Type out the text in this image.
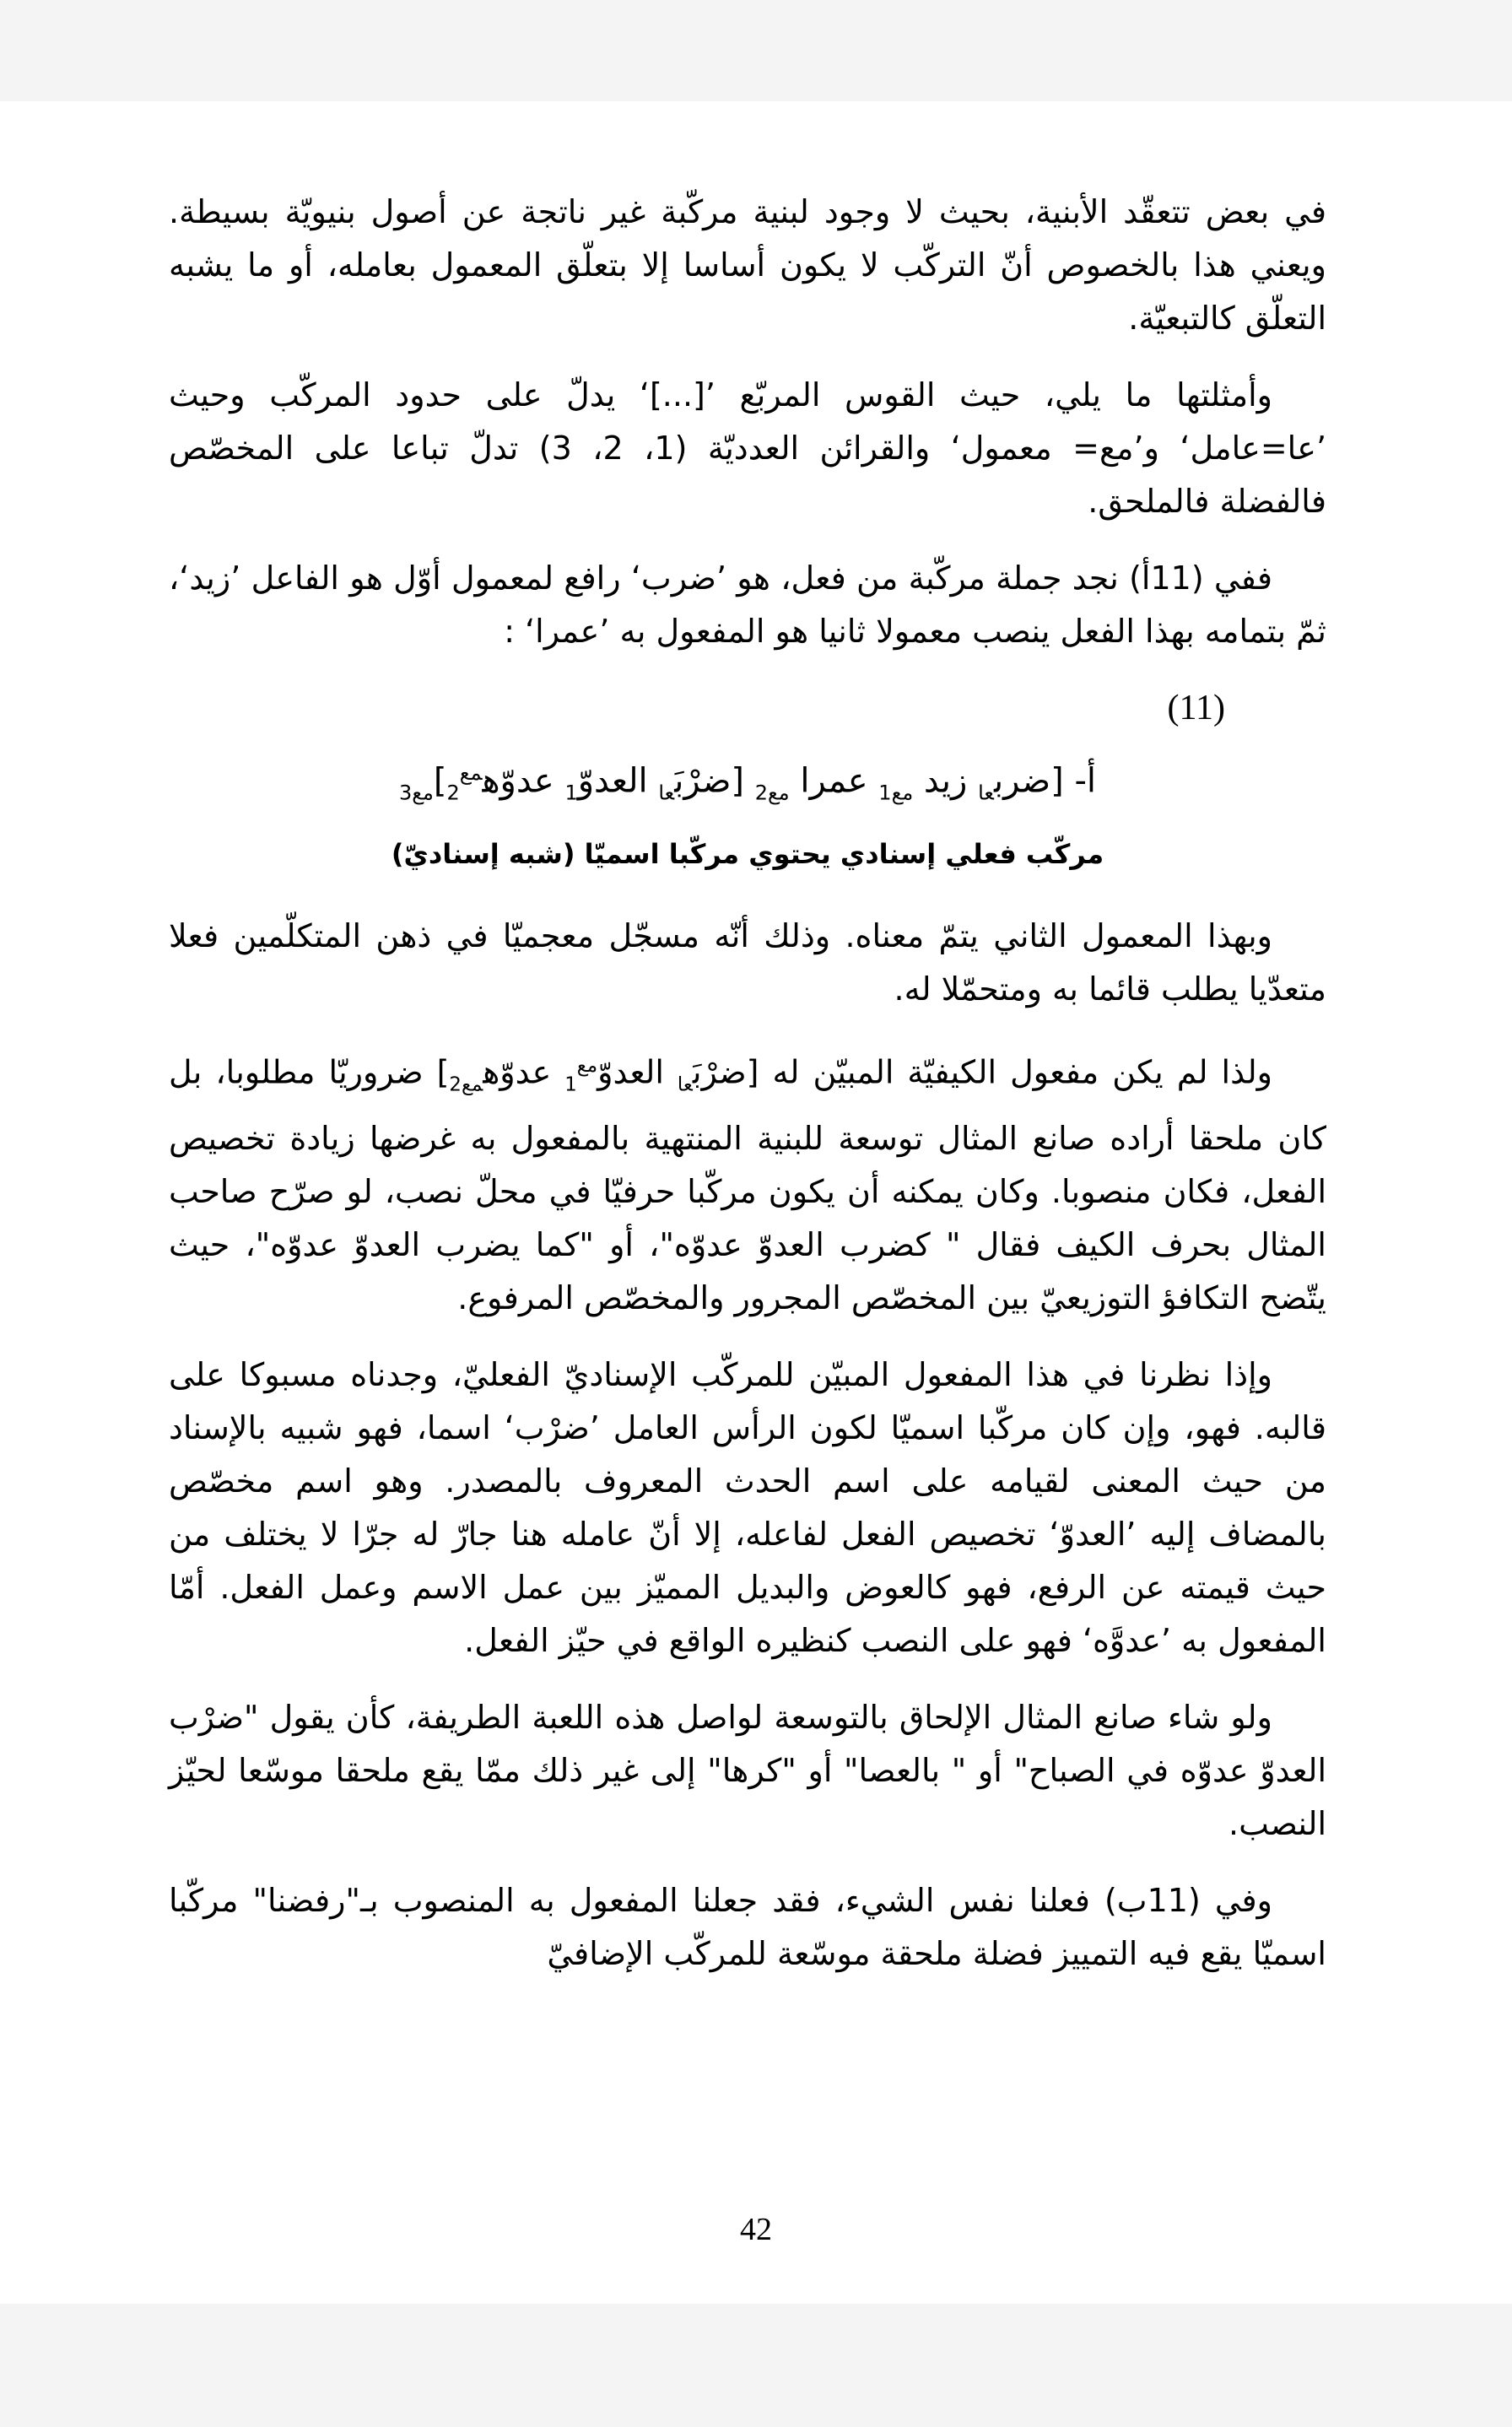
في بعض تتعقّد الأبنية، بحيث لا وجود لبنية مركّبة غير ناتجة عن أصول بنيويّة بسيطة. ويعني هذا بالخصوص أنّ التركّب لا يكون أساسا إلا بتعلّق المعمول بعامله، أو ما يشبه التعلّق كالتبعيّة.

وأمثلتها ما يلي، حيث القوس المربّع ’[...]‘ يدلّ على حدود المركّب وحيث ’عا=عامل‘ و’مع= معمول‘ والقرائن العدديّة (1، 2، 3) تدلّ تباعا على المخصّص فالفضلة فالملحق.

ففي (11أ) نجد جملة مركّبة من فعل، هو ’ضرب‘ رافع لمعمول أوّل هو الفاعل ’زيد‘، ثمّ بتمامه بهذا الفعل ينصب معمولا ثانيا هو المفعول به ’عمرا‘ :

(11)
أ- [ضرب$_{عا}$ زيد $_{مع1}$ عمرا $_{مع2}$ [$ضرْبَ_{عا}$ $العدوّ_1$ $عدوّه^{مع}_2]_{مع3}$
مركّب فعلي إسنادي يحتوي مركّبا اسميّا (شبه إسناديّ)

وبهذا المعمول الثاني يتمّ معناه. وذلك أنّه مسجّل معجميّا في ذهن المتكلّمين فعلا متعدّيا يطلب قائما به ومتحمّلا له.

ولذا لم يكن مفعول الكيفيّة المبيّن له [$ضرْبَ_{عا}$ العدوّ$^{مع}_1$ عدوّه$_{مع2}$] ضروريّا مطلوبا، بل كان ملحقا أراده صانع المثال توسعة للبنية المنتهية بالمفعول به غرضها زيادة تخصيص الفعل، فكان منصوبا. وكان يمكنه أن يكون مركّبا حرفيّا في محلّ نصب، لو صرّح صاحب المثال بحرف الكيف فقال " كضرب العدوّ عدوّه"، أو "كما يضرب العدوّ عدوّه"، حيث يتّضح التكافؤ التوزيعيّ بين المخصّص المجرور والمخصّص المرفوع.

وإذا نظرنا في هذا المفعول المبيّن للمركّب الإسناديّ الفعليّ، وجدناه مسبوكا على قالبه. فهو، وإن كان مركّبا اسميّا لكون الرأس العامل ’ضرْب‘ اسما، فهو شبيه بالإسناد من حيث المعنى لقيامه على اسم الحدث المعروف بالمصدر. وهو اسم مخصّص بالمضاف إليه ’العدوّ‘ تخصيص الفعل لفاعله، إلا أنّ عامله هنا جارّ له جرّا لا يختلف من حيث قيمته عن الرفع، فهو كالعوض والبديل المميّز بين عمل الاسم وعمل الفعل. أمّا المفعول به ’عدوَّه‘ فهو على النصب كنظيره الواقع في حيّز الفعل.

ولو شاء صانع المثال الإلحاق بالتوسعة لواصل هذه اللعبة الطريفة، كأن يقول "ضرْب العدوّ عدوّه في الصباح" أو " بالعصا" أو "كرها" إلى غير ذلك ممّا يقع ملحقا موسّعا لحيّز النصب.

وفي (11ب) فعلنا نفس الشيء، فقد جعلنا المفعول به المنصوب بـ"رفضنا" مركّبا اسميّا يقع فيه التمييز فضلة ملحقة موسّعة للمركّب الإضافيّ

42
